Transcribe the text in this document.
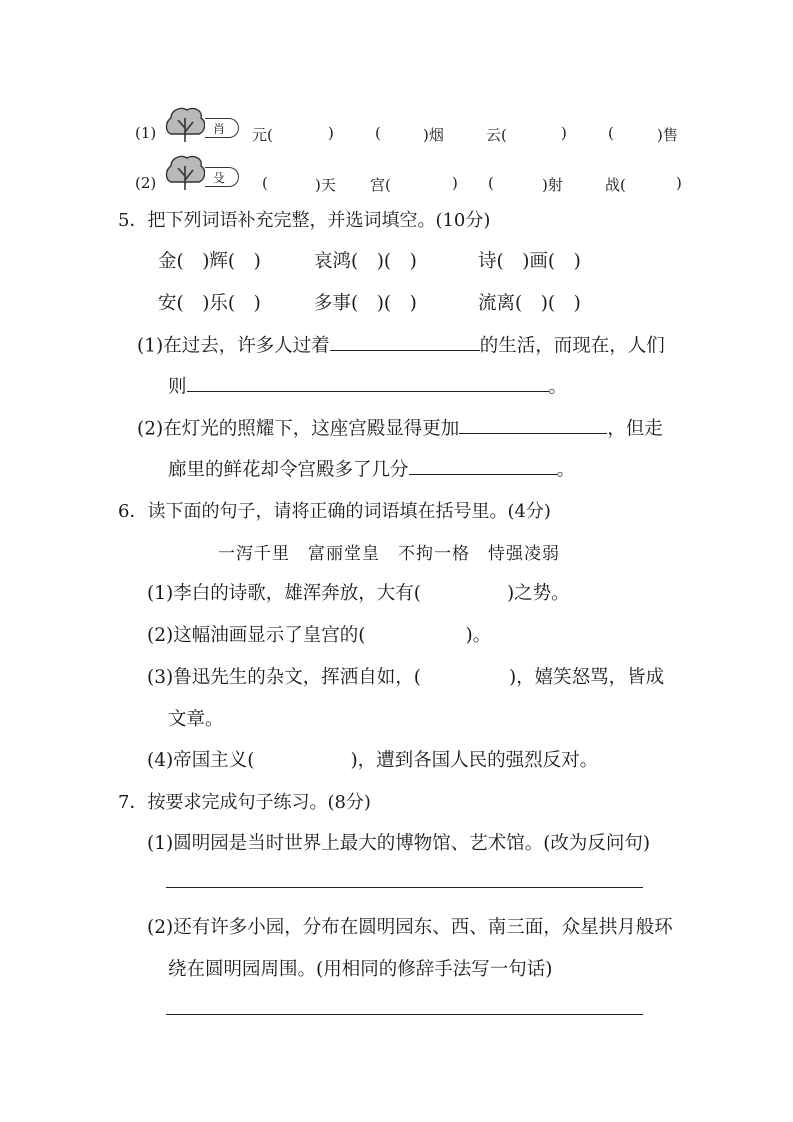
(1)	肖	元(	)	(	)烟	云(	)	(	)售
(2)	殳	(	)天 宫(	) (	)射	战(	)
5．把下列词语补充完整，并选词填空。(10分)
金(　)辉(　)	哀鸿(　)(　)	诗(　)画(　)
安(　)乐(　)	多事(　)(　)	流离(　)(　)
(1)在过去，许多人过着	的生活，而现在，人们
则	。
(2)在灯光的照耀下，这座宫殿显得更加	，但走
廊里的鲜花却令宫殿多了几分	。
6．读下面的句子，请将正确的词语填在括号里。(4分)
一泻千里　富丽堂皇　不拘一格　恃强凌弱
(1)李白的诗歌，雄浑奔放，大有(	)之势。
(2)这幅油画显示了皇宫的(	)。
(3)鲁迅先生的杂文，挥洒自如，(	)，嬉笑怒骂，皆成
文章。
(4)帝国主义(	)，遭到各国人民的强烈反对。
7．按要求完成句子练习。(8分)
(1)圆明园是当时世界上最大的博物馆、艺术馆。(改为反问句)
(2)还有许多小园，分布在圆明园东、西、南三面，众星拱月般环
绕在圆明园周围。(用相同的修辞手法写一句话)
